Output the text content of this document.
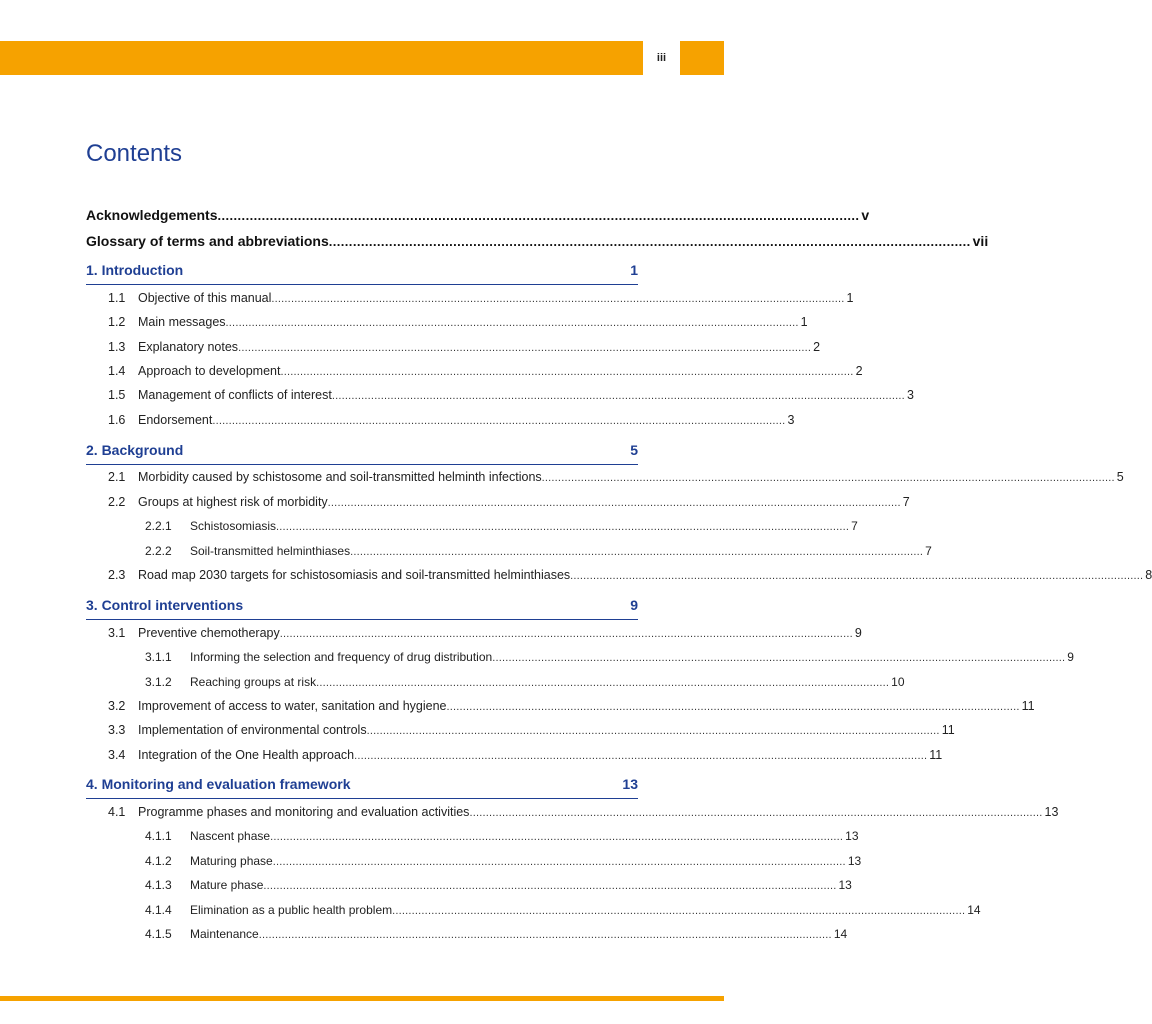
iii
Contents
Acknowledgements ................................................................................................................................................................ v
Glossary of terms and abbreviations ................................................................................................................................................................ vii
1. Introduction	1
1.1	Objective of this manual ................................................................................................................................................................................ 1
1.2	Main messages ................................................................................................................................................................................ 1
1.3	Explanatory notes ................................................................................................................................................................................ 2
1.4	Approach to development ................................................................................................................................................................................ 2
1.5	Management of conflicts of interest ................................................................................................................................................................................ 3
1.6	Endorsement ................................................................................................................................................................................ 3
2. Background	5
2.1	Morbidity caused by schistosome and soil-transmitted helminth infections ................................................................................................................................................................................ 5
2.2	Groups at highest risk of morbidity ................................................................................................................................................................................ 7
2.2.1	Schistosomiasis ................................................................................................................................................................................ 7
2.2.2	Soil-transmitted helminthiases ................................................................................................................................................................................ 7
2.3	Road map 2030 targets for schistosomiasis and soil-transmitted helminthiases ................................................................................................................................................................................ 8
3. Control interventions	9
3.1	Preventive chemotherapy ................................................................................................................................................................................ 9
3.1.1	Informing the selection and frequency of drug distribution ................................................................................................................................................................................ 9
3.1.2	Reaching groups at risk ................................................................................................................................................................................ 10
3.2	Improvement of access to water, sanitation and hygiene ................................................................................................................................................................................ 11
3.3	Implementation of environmental controls ................................................................................................................................................................................ 11
3.4	Integration of the One Health approach ................................................................................................................................................................................ 11
4. Monitoring and evaluation framework	13
4.1	Programme phases and monitoring and evaluation activities ................................................................................................................................................................................ 13
4.1.1	Nascent phase ................................................................................................................................................................................ 13
4.1.2	Maturing phase ................................................................................................................................................................................ 13
4.1.3	Mature phase ................................................................................................................................................................................ 13
4.1.4	Elimination as a public health problem ................................................................................................................................................................................ 14
4.1.5	Maintenance ................................................................................................................................................................................ 14
